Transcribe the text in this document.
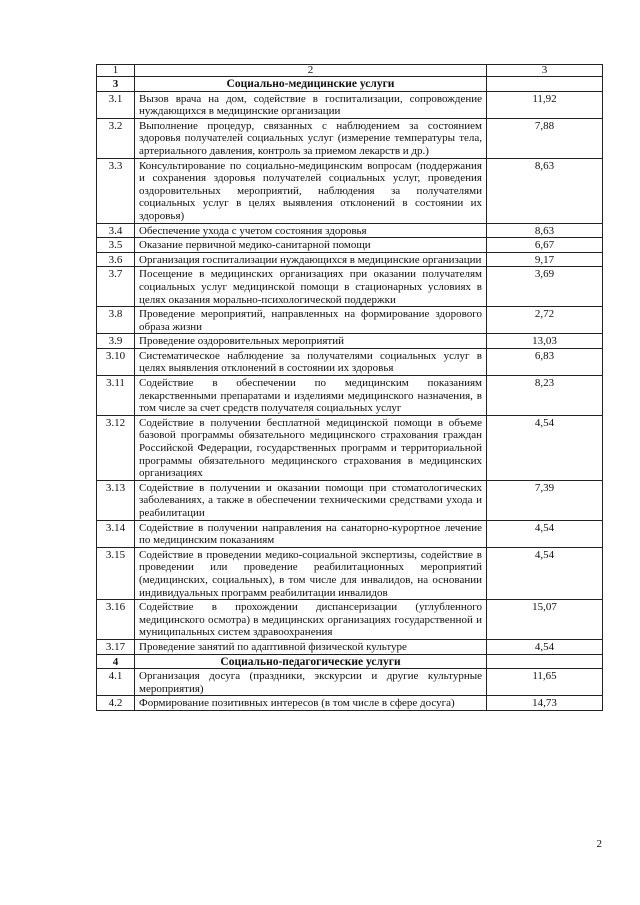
1	2	3
3	Социально-медицинские услуги	
3.1	Вызов врача на дом, содействие в госпитализации, сопровождение нуждающихся в медицинские организации	11,92
3.2	Выполнение процедур, связанных с наблюдением за состоянием здоровья получателей социальных услуг (измерение температуры тела, артериального давления, контроль за приемом лекарств и др.)	7,88
3.3	Консультирование по социально-медицинским вопросам (поддержания и сохранения здоровья получателей социальных услуг, проведения оздоровительных мероприятий, наблюдения за получателями социальных услуг в целях выявления отклонений в состоянии их здоровья)	8,63
3.4	Обеспечение ухода с учетом состояния здоровья	8,63
3.5	Оказание первичной медико-санитарной помощи	6,67
3.6	Организация госпитализации нуждающихся в медицинские организации	9,17
3.7	Посещение в медицинских организациях при оказании получателям социальных услуг медицинской помощи в стационарных условиях в целях оказания морально-психологической поддержки	3,69
3.8	Проведение мероприятий, направленных на формирование здорового образа жизни	2,72
3.9	Проведение оздоровительных мероприятий	13,03
3.10	Систематическое наблюдение за получателями социальных услуг в целях выявления отклонений в состоянии их здоровья	6,83
3.11	Содействие в обеспечении по медицинским показаниям лекарственными препаратами и изделиями медицинского назначения, в том числе за счет средств получателя социальных услуг	8,23
3.12	Содействие в получении бесплатной медицинской помощи в объеме базовой программы обязательного медицинского страхования граждан Российской Федерации, государственных программ и территориальной программы обязательного медицинского страхования в медицинских организациях	4,54
3.13	Содействие в получении и оказании помощи при стоматологических заболеваниях, а также в обеспечении техническими средствами ухода и реабилитации	7,39
3.14	Содействие в получении направления на санаторно-курортное лечение по медицинским показаниям	4,54
3.15	Содействие в проведении медико-социальной экспертизы, содействие в проведении или проведение реабилитационных мероприятий (медицинских, социальных), в том числе для инвалидов, на основании индивидуальных программ реабилитации инвалидов	4,54
3.16	Содействие в прохождении диспансеризации (углубленного медицинского осмотра) в медицинских организациях государственной и муниципальных систем здравоохранения	15,07
3.17	Проведение занятий по адаптивной физической культуре	4,54
4	Социально-педагогические услуги	
4.1	Организация досуга (праздники, экскурсии и другие культурные мероприятия)	11,65
4.2	Формирование позитивных интересов (в том числе в сфере досуга)	14,73
2
